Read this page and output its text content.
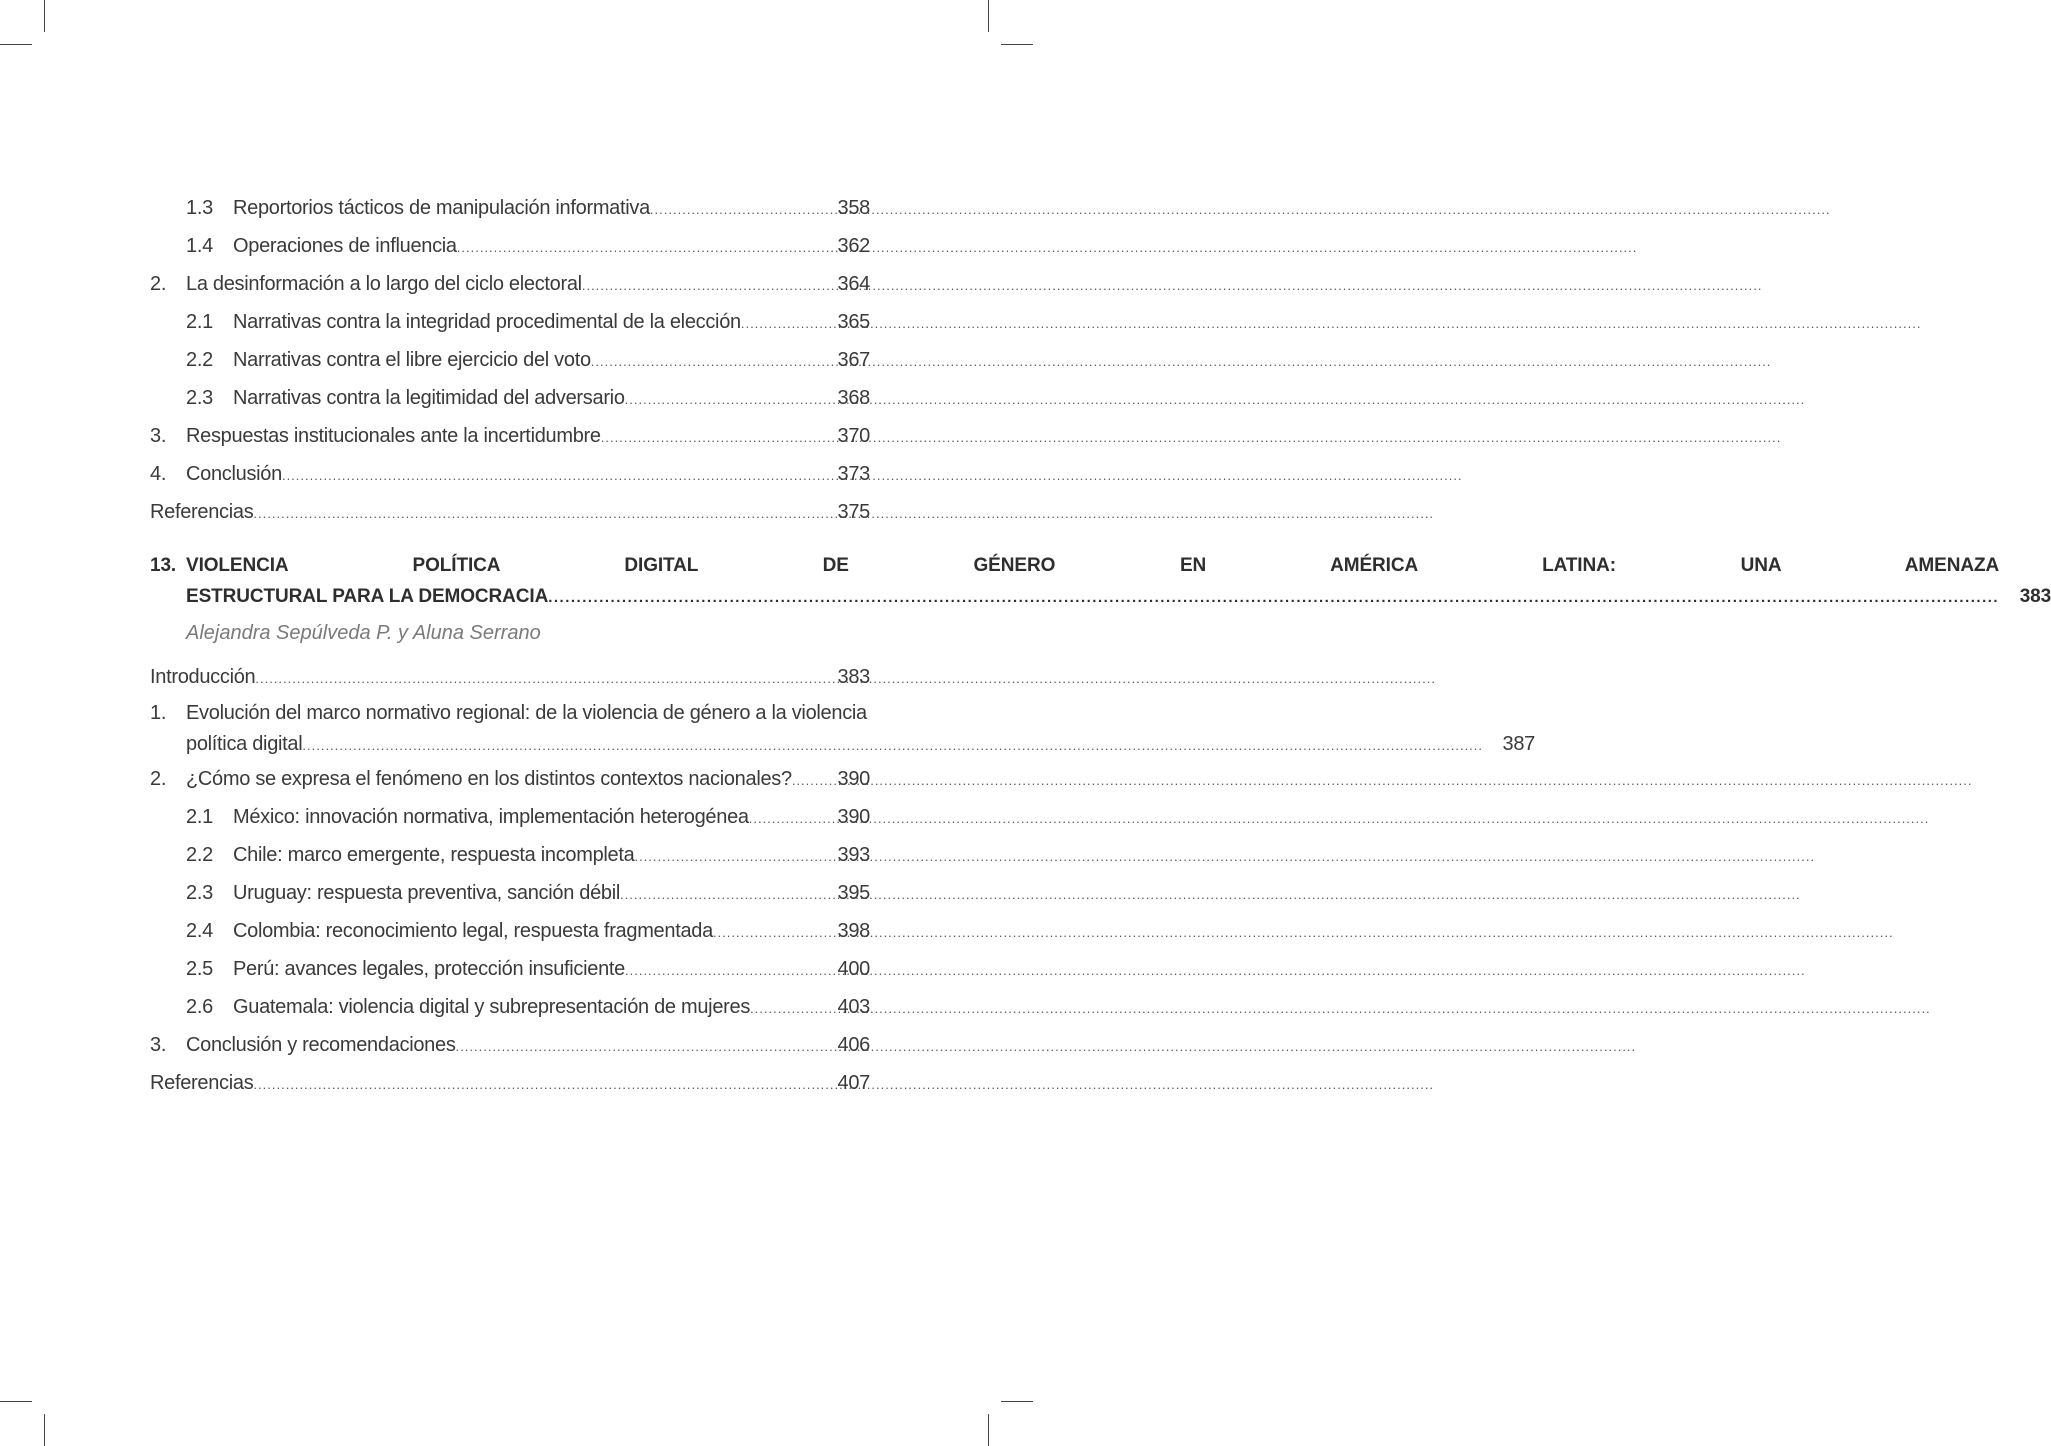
1.3	Reportorios tácticos de manipulación informativa .....	358
1.4	Operaciones de influencia .....	362
2. La desinformación a lo largo del ciclo electoral .....	364
2.1	Narrativas contra la integridad procedimental de la elección .....	365
2.2	Narrativas contra el libre ejercicio del voto .....	367
2.3	Narrativas contra la legitimidad del adversario .....	368
3. Respuestas institucionales ante la incertidumbre .....	370
4. Conclusión .....	373
Referencias .....	375
13. VIOLENCIA POLÍTICA DIGITAL DE GÉNERO EN AMÉRICA LATINA: UNA AMENAZA
ESTRUCTURAL PARA LA DEMOCRACIA .....	383
Alejandra Sepúlveda P. y Aluna Serrano
Introducción .....	383
1. Evolución del marco normativo regional: de la violencia de género a la violencia
política digital .....	387
2. ¿Cómo se expresa el fenómeno en los distintos contextos nacionales? ..... 390
2.1	México: innovación normativa, implementación heterogénea .....	390
2.2	Chile: marco emergente, respuesta incompleta .....	393
2.3	Uruguay: respuesta preventiva, sanción débil .....	395
2.4	Colombia: reconocimiento legal, respuesta fragmentada .....	398
2.5	Perú: avances legales, protección insuficiente .....	400
2.6	Guatemala: violencia digital y subrepresentación de mujeres .....	403
3. Conclusión y recomendaciones .....	406
Referencias .....	407
